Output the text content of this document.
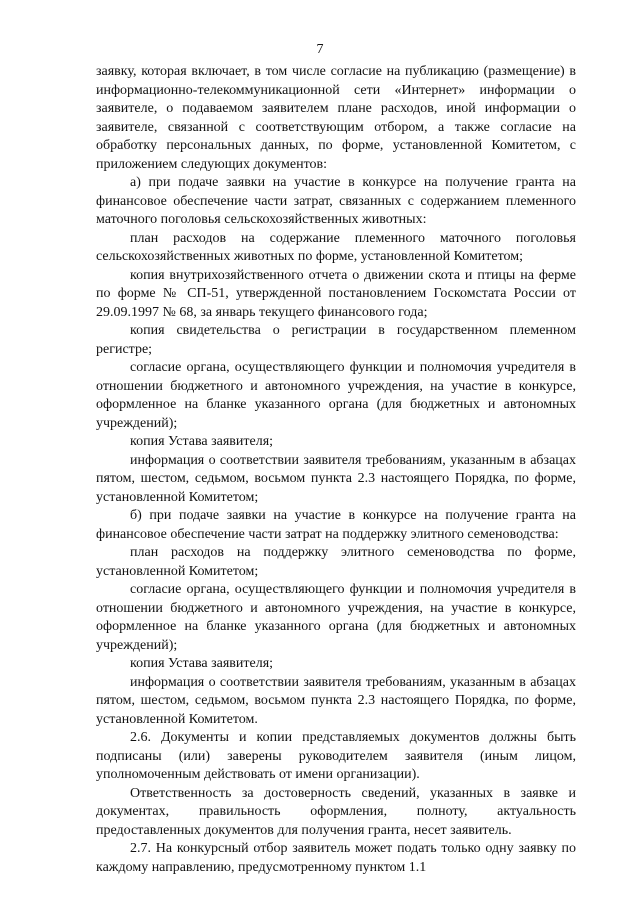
7

заявку, которая включает, в том числе согласие на публикацию (размещение) в информационно-телекоммуникационной сети «Интернет» информации о заявителе, о подаваемом заявителем плане расходов, иной информации о заявителе, связанной с соответствующим отбором, а также согласие на обработку персональных данных, по форме, установленной Комитетом, с приложением следующих документов:

а) при подаче заявки на участие в конкурсе на получение гранта на финансовое обеспечение части затрат, связанных с содержанием племенного маточного поголовья сельскохозяйственных животных:

план расходов на содержание племенного маточного поголовья сельскохозяйственных животных по форме, установленной Комитетом;

копия внутрихозяйственного отчета о движении скота и птицы на ферме по форме № СП-51, утвержденной постановлением Госкомстата России от 29.09.1997 № 68, за январь текущего финансового года;

копия свидетельства о регистрации в государственном племенном регистре;

согласие органа, осуществляющего функции и полномочия учредителя в отношении бюджетного и автономного учреждения, на участие в конкурсе, оформленное на бланке указанного органа (для бюджетных и автономных учреждений);

копия Устава заявителя;

информация о соответствии заявителя требованиям, указанным в абзацах пятом, шестом, седьмом, восьмом пункта 2.3 настоящего Порядка, по форме, установленной Комитетом;

б) при подаче заявки на участие в конкурсе на получение гранта на финансовое обеспечение части затрат на поддержку элитного семеноводства:

план расходов на поддержку элитного семеноводства по форме, установленной Комитетом;

согласие органа, осуществляющего функции и полномочия учредителя в отношении бюджетного и автономного учреждения, на участие в конкурсе, оформленное на бланке указанного органа (для бюджетных и автономных учреждений);

копия Устава заявителя;

информация о соответствии заявителя требованиям, указанным в абзацах пятом, шестом, седьмом, восьмом пункта 2.3 настоящего Порядка, по форме, установленной Комитетом.

2.6. Документы и копии представляемых документов должны быть подписаны (или) заверены руководителем заявителя (иным лицом, уполномоченным действовать от имени организации).

Ответственность за достоверность сведений, указанных в заявке и документах, правильность оформления, полноту, актуальность предоставленных документов для получения гранта, несет заявитель.

2.7. На конкурсный отбор заявитель может подать только одну заявку по каждому направлению, предусмотренному пунктом 1.1
